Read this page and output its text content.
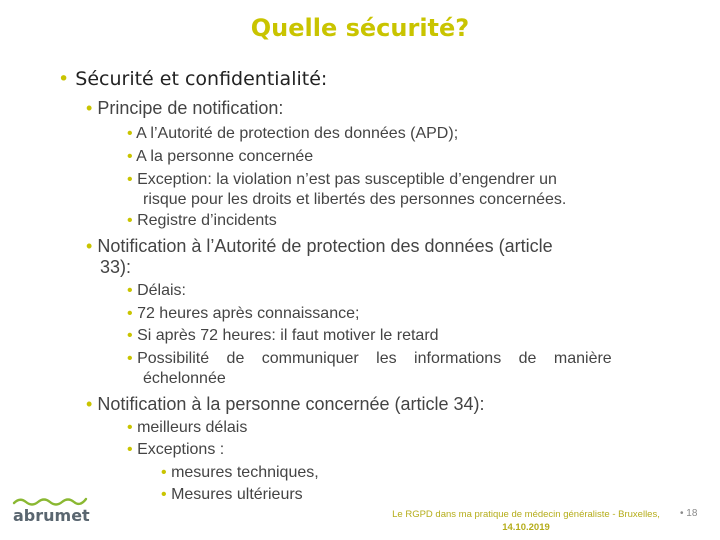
Quelle sécurité?
• Sécurité et confidentialité:
• Principe de notification:
• A l’Autorité de protection des données (APD);
• A la personne concernée
• Exception: la violation n’est pas susceptible d’engendrer un
risque pour les droits et libertés des personnes concernées.
• Registre d’incidents
• Notification à l’Autorité de protection des données (article
33):
• Délais:
• 72 heures après connaissance;
• Si après 72 heures: il faut motiver le retard
• Possibilité de communiquer les informations de manière
échelonnée
• Notification à la personne concernée (article 34):
• meilleurs délais
• Exceptions :
• mesures techniques,
• Mesures ultérieurs
abrumet	Le RGPD dans ma pratique de médecin généraliste - Bruxelles,
14.10.2019
• 18
